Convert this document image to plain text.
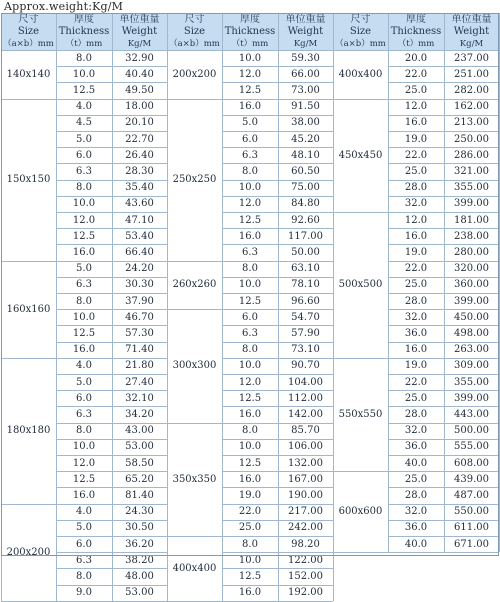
Approx.weight:Kg/M
尺寸
Size
（a×b）mm
厚度
Thickness
（t）mm
单位重量
Weight
Kg/M
140x140
8.0	32.90
10.0	40.40
12.5	49.50
150x150
4.0	18.00
4.5	20.10
5.0	22.70
6.0	26.40
6.3	28.30
8.0	35.40
10.0	43.60
12.0	47.10
12.5	53.40
16.0	66.40
160x160
5.0	24.20
6.3	30.30
8.0	37.90
10.0	46.70
12.5	57.30
16.0	71.40
180x180
4.0	21.80
5.0	27.40
6.0	32.10
6.3	34.20
8.0	43.00
10.0	53.00
12.0	58.50
12.5	65.20
16.0	81.40
200x200
4.0	24.30
5.0	30.50
6.0	36.20
6.3	38.20
8.0	48.00
9.0	53.00
尺寸
Size
（a×b）mm
厚度
Thickness
（t）mm
单位重量
Weight
Kg/M
200x200
10.0	59.30
12.0	66.00
12.5	73.00
250x250
16.0	91.50
5.0	38.00
6.0	45.20
6.3	48.10
8.0	60.50
10.0	75.00
12.0	84.80
12.5	92.60
16.0	117.00
6.3	50.00
260x260
8.0	63.10
10.0	78.10
12.5	96.60
300x300
6.0	54.70
6.3	57.90
8.0	73.10
10.0	90.70
12.0	104.00
12.5	112.00
16.0	142.00
350x350
8.0	85.70
10.0	106.00
12.5	132.00
16.0	167.00
19.0	190.00
22.0	217.00
25.0	242.00
400x400
8.0	98.20
10.0	122.00
12.5	152.00
16.0	192.00
尺寸
Size
（a×b）mm
厚度
Thickness
（t）mm
单位重量
Weight
Kg/M
400x400
20.0	237.00
22.0	251.00
25.0	282.00
450x450
12.0	162.00
16.0	213.00
19.0	250.00
22.0	286.00
25.0	321.00
28.0	355.00
32.0	399.00
500x500
12.0	181.00
16.0	238.00
19.0	280.00
22.0	320.00
25.0	360.00
28.0	399.00
32.0	450.00
36.0	498.00
16.0	263.00
550x550
19.0	309.00
22.0	355.00
25.0	399.00
28.0	443.00
32.0	500.00
36.0	555.00
40.0	608.00
600x600
25.0	439.00
28.0	487.00
32.0	550.00
36.0	611.00
40.0	671.00
